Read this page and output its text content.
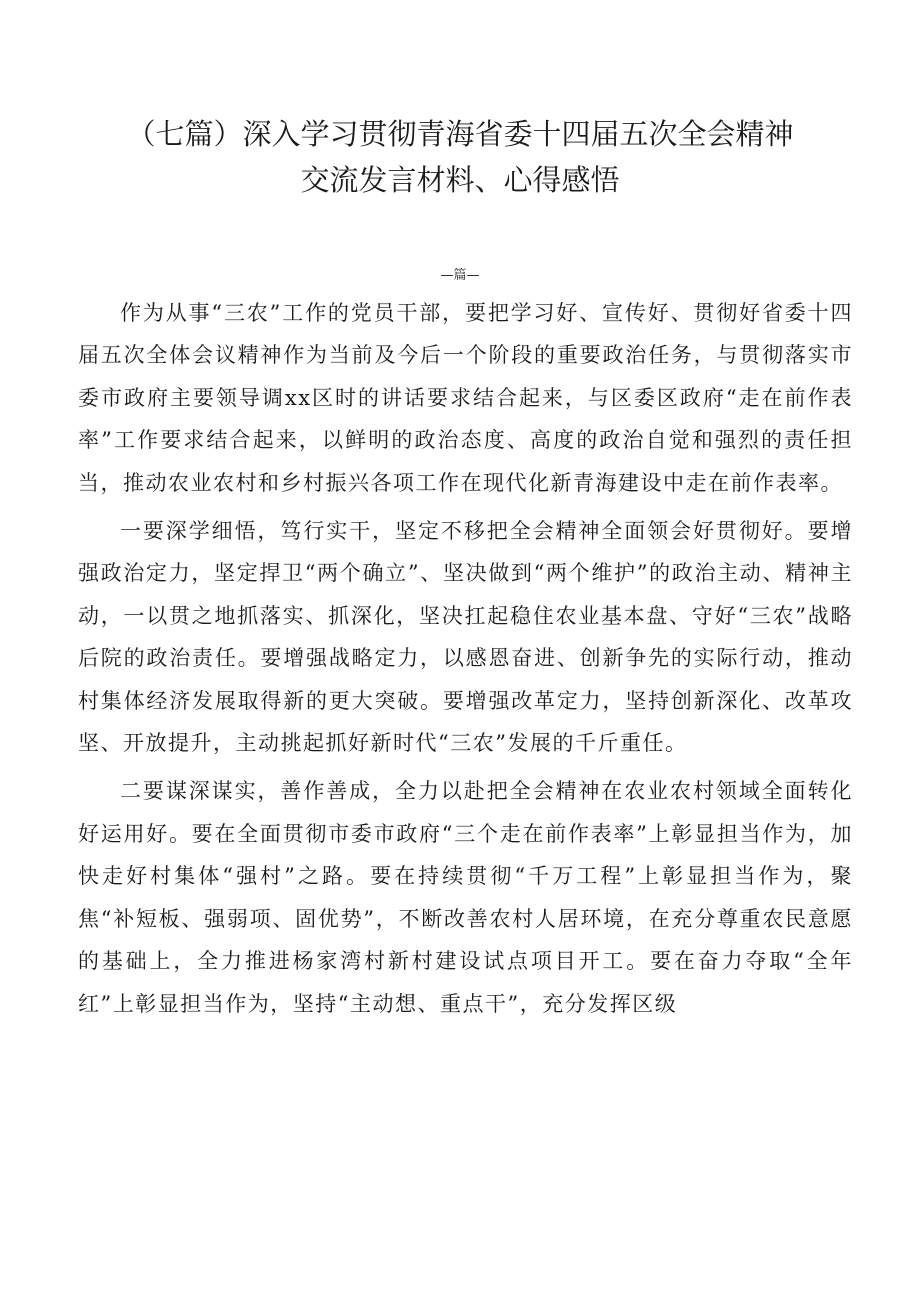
（七篇）深入学习贯彻青海省委十四届五次全会精神
交流发言材料、心得感悟
—篇—

作为从事“三农”工作的党员干部，要把学习好、宣传好、贯彻好省委十四届五次全体会议精神作为当前及今后一个阶段的重要政治任务，与贯彻落实市委市政府主要领导调xx区时的讲话要求结合起来，与区委区政府“走在前作表率”工作要求结合起来，以鲜明的政治态度、高度的政治自觉和强烈的责任担当，推动农业农村和乡村振兴各项工作在现代化新青海建设中走在前作表率。

一要深学细悟，笃行实干，坚定不移把全会精神全面领会好贯彻好。要增强政治定力，坚定捍卫“两个确立”、坚决做到“两个维护”的政治主动、精神主动，一以贯之地抓落实、抓深化，坚决扛起稳住农业基本盘、守好“三农”战略后院的政治责任。要增强战略定力，以感恩奋进、创新争先的实际行动，推动村集体经济发展取得新的更大突破。要增强改革定力，坚持创新深化、改革攻坚、开放提升，主动挑起抓好新时代“三农”发展的千斤重任。

二要谋深谋实，善作善成，全力以赴把全会精神在农业农村领域全面转化好运用好。要在全面贯彻市委市政府“三个走在前作表率”上彰显担当作为，加快走好村集体“强村”之路。要在持续贯彻“千万工程”上彰显担当作为，聚焦“补短板、强弱项、固优势”，不断改善农村人居环境，在充分尊重农民意愿的基础上，全力推进杨家湾村新村建设试点项目开工。要在奋力夺取“全年红”上彰显担当作为，坚持“主动想、重点干”，充分发挥区级
